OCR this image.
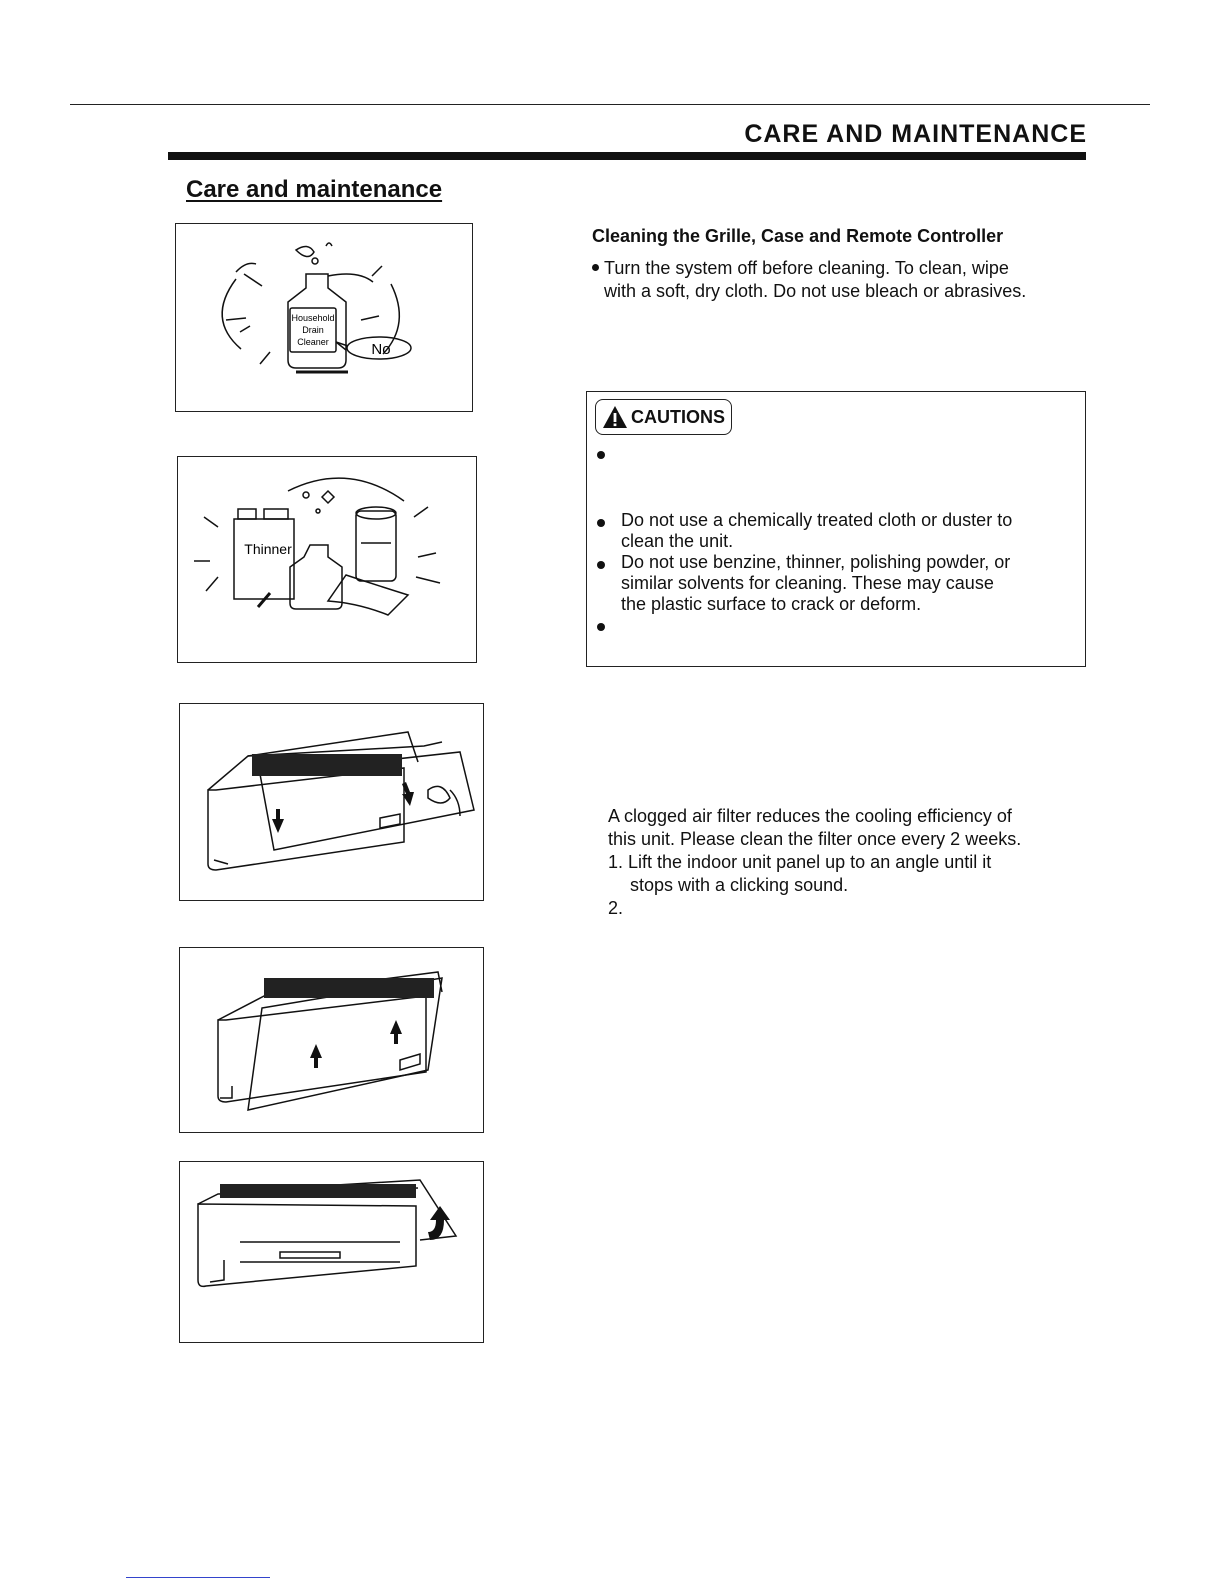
CARE AND MAINTENANCE
Care and maintenance
Household
Drain
Cleaner	No
Thinner
Cleaning the Grille, Case and Remote Controller
Turn the system off before cleaning. To clean, wipe
with a soft, dry cloth. Do not use bleach or abrasives.
CAUTIONS
Do not use a chemically treated cloth or duster to
clean the unit.
Do not use benzine, thinner, polishing powder, or
similar solvents for cleaning. These may cause
the plastic surface to crack or deform.
A clogged air filter reduces the cooling efficiency of
this unit. Please clean the filter once every 2 weeks.
1. Lift the indoor unit panel up to an angle until it
stops with a clicking sound.
2.
